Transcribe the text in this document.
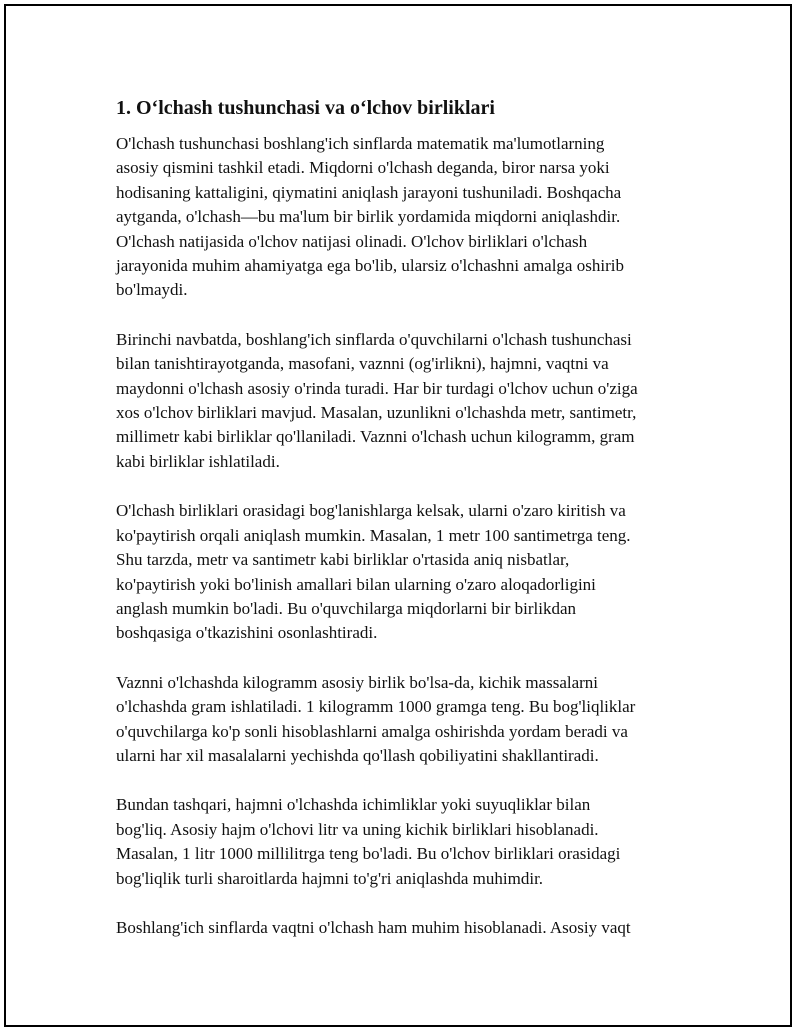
1. O‘lchash tushunchasi va o‘lchov birliklari

O'lchash tushunchasi boshlang'ich sinflarda matematik ma'lumotlarning
asosiy qismini tashkil etadi. Miqdorni o'lchash deganda, biror narsa yoki
hodisaning kattaligini, qiymatini aniqlash jarayoni tushuniladi. Boshqacha
aytganda, o'lchash—bu ma'lum bir birlik yordamida miqdorni aniqlashdir.
O'lchash natijasida o'lchov natijasi olinadi. O'lchov birliklari o'lchash
jarayonida muhim ahamiyatga ega bo'lib, ularsiz o'lchashni amalga oshirib
bo'lmaydi.

Birinchi navbatda, boshlang'ich sinflarda o'quvchilarni o'lchash tushunchasi
bilan tanishtirayotganda, masofani, vaznni (og'irlikni), hajmni, vaqtni va
maydonni o'lchash asosiy o'rinda turadi. Har bir turdagi o'lchov uchun o'ziga
xos o'lchov birliklari mavjud. Masalan, uzunlikni o'lchashda metr, santimetr,
millimetr kabi birliklar qo'llaniladi. Vaznni o'lchash uchun kilogramm, gram
kabi birliklar ishlatiladi.

O'lchash birliklari orasidagi bog'lanishlarga kelsak, ularni o'zaro kiritish va
ko'paytirish orqali aniqlash mumkin. Masalan, 1 metr 100 santimetrga teng.
Shu tarzda, metr va santimetr kabi birliklar o'rtasida aniq nisbatlar,
ko'paytirish yoki bo'linish amallari bilan ularning o'zaro aloqadorligini
anglash mumkin bo'ladi. Bu o'quvchilarga miqdorlarni bir birlikdan
boshqasiga o'tkazishini osonlashtiradi.

Vaznni o'lchashda kilogramm asosiy birlik bo'lsa-da, kichik massalarni
o'lchashda gram ishlatiladi. 1 kilogramm 1000 gramga teng. Bu bog'liqliklar
o'quvchilarga ko'p sonli hisoblashlarni amalga oshirishda yordam beradi va
ularni har xil masalalarni yechishda qo'llash qobiliyatini shakllantiradi.

Bundan tashqari, hajmni o'lchashda ichimliklar yoki suyuqliklar bilan
bog'liq. Asosiy hajm o'lchovi litr va uning kichik birliklari hisoblanadi.
Masalan, 1 litr 1000 millilitrga teng bo'ladi. Bu o'lchov birliklari orasidagi
bog'liqlik turli sharoitlarda hajmni to'g'ri aniqlashda muhimdir.

Boshlang'ich sinflarda vaqtni o'lchash ham muhim hisoblanadi. Asosiy vaqt
